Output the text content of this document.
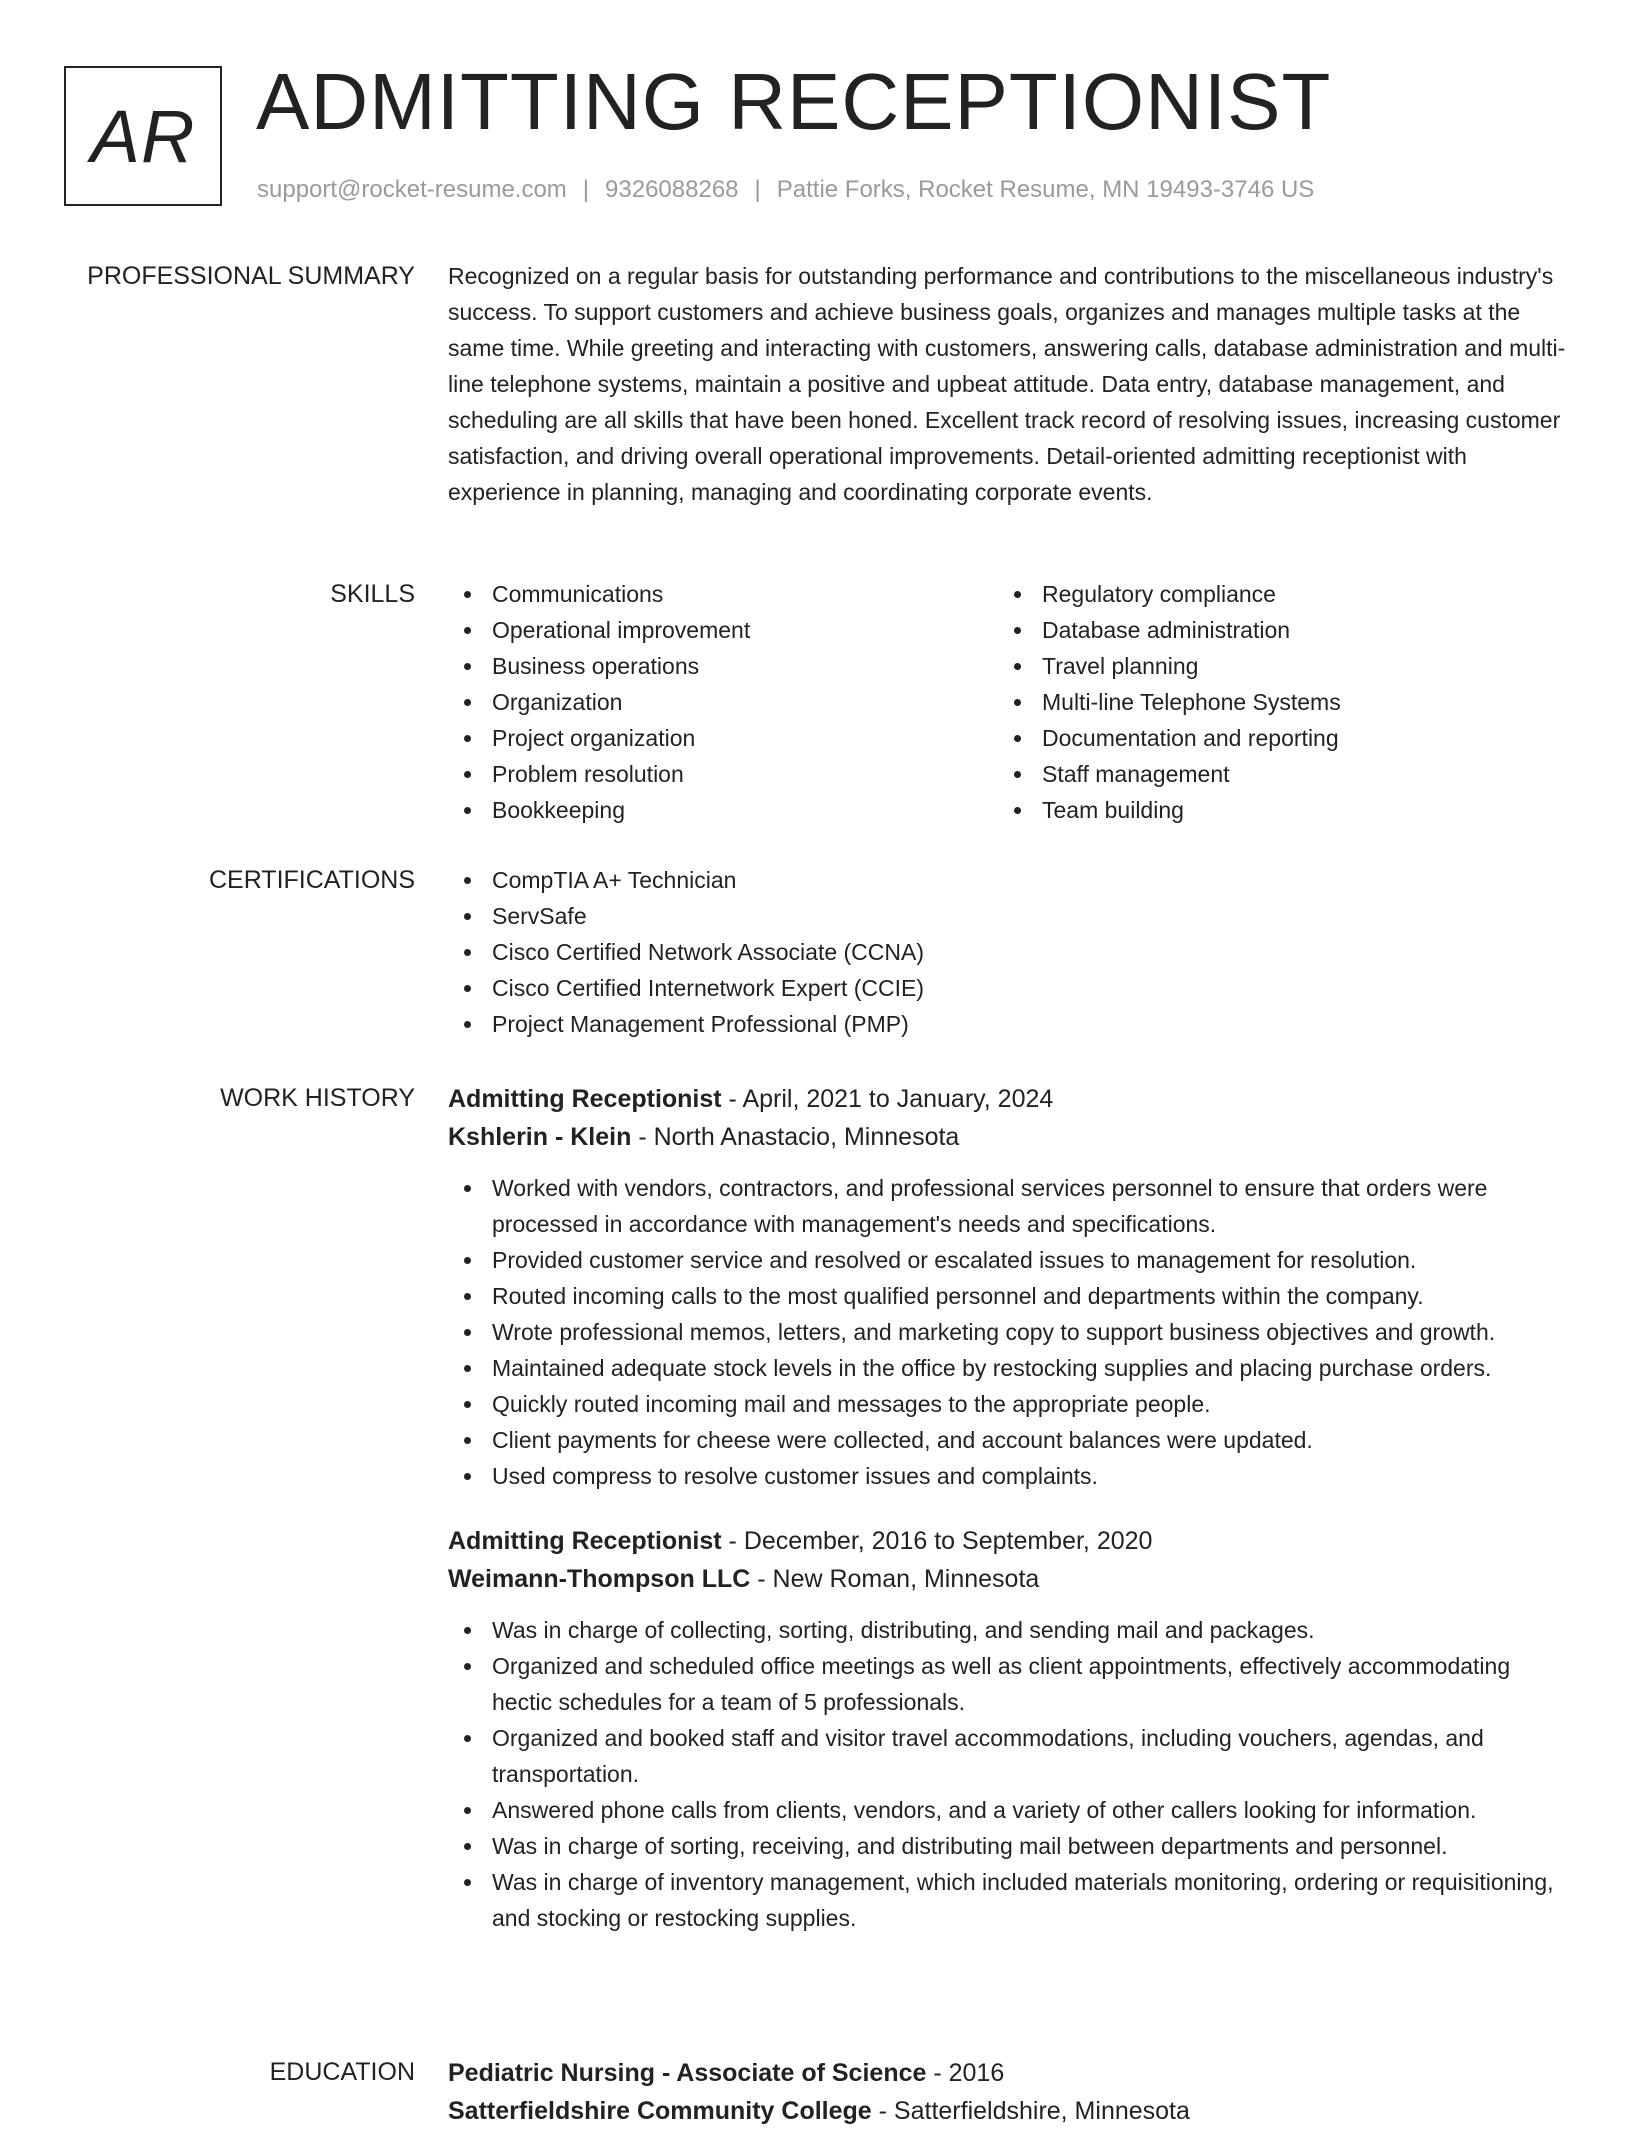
AR ADMITTING RECEPTIONIST
support@rocket-resume.com | 9326088268 | Pattie Forks, Rocket Resume, MN 19493-3746 US
PROFESSIONAL SUMMARY Recognized on a regular basis for outstanding performance and contributions to the miscellaneous industry's success. To support customers and achieve business goals, organizes and manages multiple tasks at the same time. While greeting and interacting with customers, answering calls, database administration and multi-line telephone systems, maintain a positive and upbeat attitude. Data entry, database management, and scheduling are all skills that have been honed. Excellent track record of resolving issues, increasing customer satisfaction, and driving overall operational improvements. Detail-oriented admitting receptionist with experience in planning, managing and coordinating corporate events.

SKILLS	Communications
Operational improvement
Business operations
Organization
Project organization
Problem resolution
Bookkeeping
Regulatory compliance
Database administration
Travel planning
Multi-line Telephone Systems
Documentation and reporting
Staff management
Team building
CERTIFICATIONS	CompTIA A+ Technician
ServSafe
Cisco Certified Network Associate (CCNA)
Cisco Certified Internetwork Expert (CCIE)
Project Management Professional (PMP)
WORK HISTORY Admitting Receptionist - April, 2021 to January, 2024
Kshlerin - Klein - North Anastacio, Minnesota
Worked with vendors, contractors, and professional services personnel to ensure that orders were processed in accordance with management's needs and specifications.
Provided customer service and resolved or escalated issues to management for resolution.
Routed incoming calls to the most qualified personnel and departments within the company.
Wrote professional memos, letters, and marketing copy to support business objectives and growth.
Maintained adequate stock levels in the office by restocking supplies and placing purchase orders.
Quickly routed incoming mail and messages to the appropriate people.
Client payments for cheese were collected, and account balances were updated.
Used compress to resolve customer issues and complaints.
Admitting Receptionist - December, 2016 to September, 2020
Weimann-Thompson LLC - New Roman, Minnesota
Was in charge of collecting, sorting, distributing, and sending mail and packages.
Organized and scheduled office meetings as well as client appointments, effectively accommodating hectic schedules for a team of 5 professionals.
Organized and booked staff and visitor travel accommodations, including vouchers, agendas, and transportation.
Answered phone calls from clients, vendors, and a variety of other callers looking for information.
Was in charge of sorting, receiving, and distributing mail between departments and personnel.
Was in charge of inventory management, which included materials monitoring, ordering or requisitioning, and stocking or restocking supplies.
EDUCATION Pediatric Nursing - Associate of Science - 2016
Satterfieldshire Community College - Satterfieldshire, Minnesota
